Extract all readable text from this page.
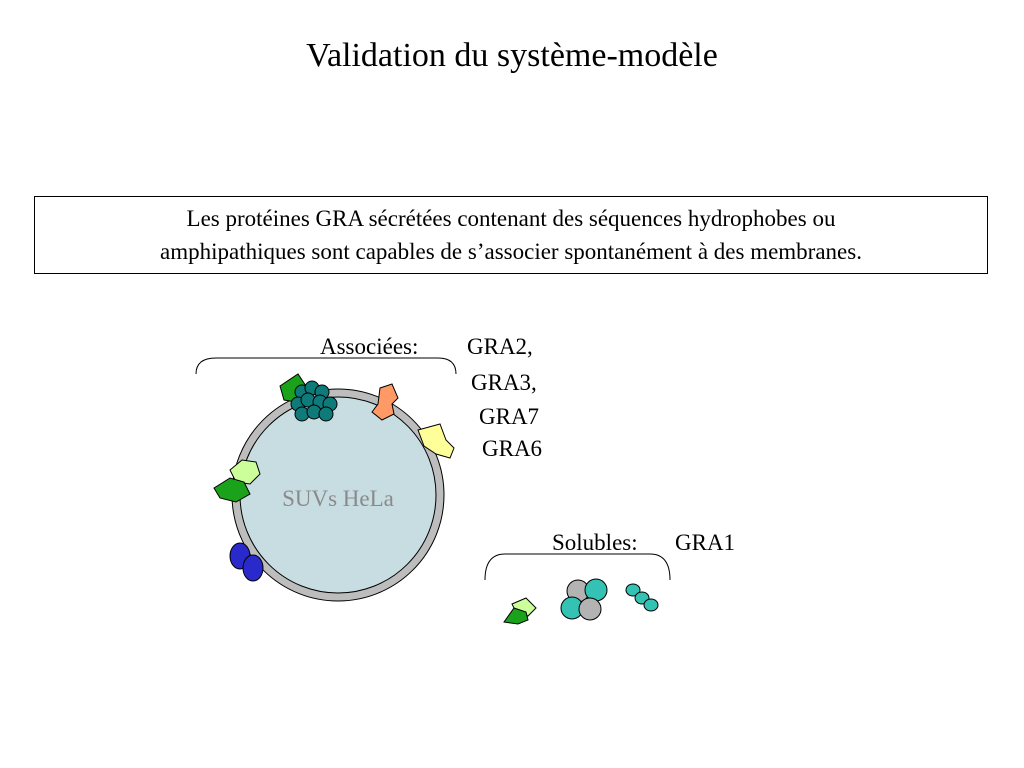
Validation du système-modèle
Les protéines GRA sécrétées contenant des séquences hydrophobes ou
amphipathiques sont capables de s’associer spontanément à des membranes.
SUVs HeLa
Associées: GRA2,
GRA3,
GRA7
GRA6
Solubles: GRA1
